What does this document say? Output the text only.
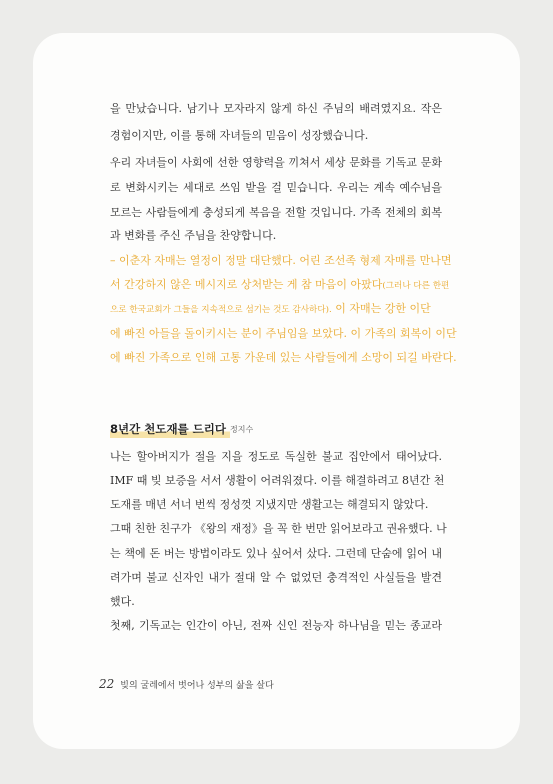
을 만났습니다. 남기나 모자라지 않게 하신 주님의 배려였지요. 작은
경험이지만, 이를 통해 자녀들의 믿음이 성장했습니다.
우리 자녀들이 사회에 선한 영향력을 끼쳐서 세상 문화를 기독교 문화
로 변화시키는 세대로 쓰임 받을 걸 믿습니다. 우리는 계속 예수님을
모르는 사람들에게 충성되게 복음을 전할 것입니다. 가족 전체의 회복
과 변화를 주신 주님을 찬양합니다.
– 이춘자 자매는 열정이 정말 대단했다. 어린 조선족 형제 자매를 만나면
서 간강하지 않은 메시지로 상처받는 게 참 마음이 아팠다(그러나 다른 한편
으로 한국교회가 그들을 지속적으로 섬기는 것도 감사하다). 이 자매는 강한 이단
에 빠진 아들을 돌이키시는 분이 주님임을 보았다. 이 가족의 회복이 이단
에 빠진 가족으로 인해 고통 가운데 있는 사람들에게 소망이 되길 바란다.
8년간 천도재를 드리다 정지수
나는 할아버지가 절을 지을 정도로 독실한 불교 집안에서 태어났다.
IMF 때 빚 보증을 서서 생활이 어려워졌다. 이를 해결하려고 8년간 천
도재를 매년 서너 번씩 정성껏 지냈지만 생활고는 해결되지 않았다.
그때 친한 친구가 《왕의 재정》을 꼭 한 번만 읽어보라고 권유했다. 나
는 책에 돈 버는 방법이라도 있나 싶어서 샀다. 그런데 단숨에 읽어 내
려가며 불교 신자인 내가 절대 알 수 없었던 충격적인 사실들을 발견
했다.
첫째, 기독교는 인간이 아닌, 전짜 신인 전능자 하나님을 믿는 종교라
22 빚의 굴레에서 벗어나 성부의 삶을 살다
